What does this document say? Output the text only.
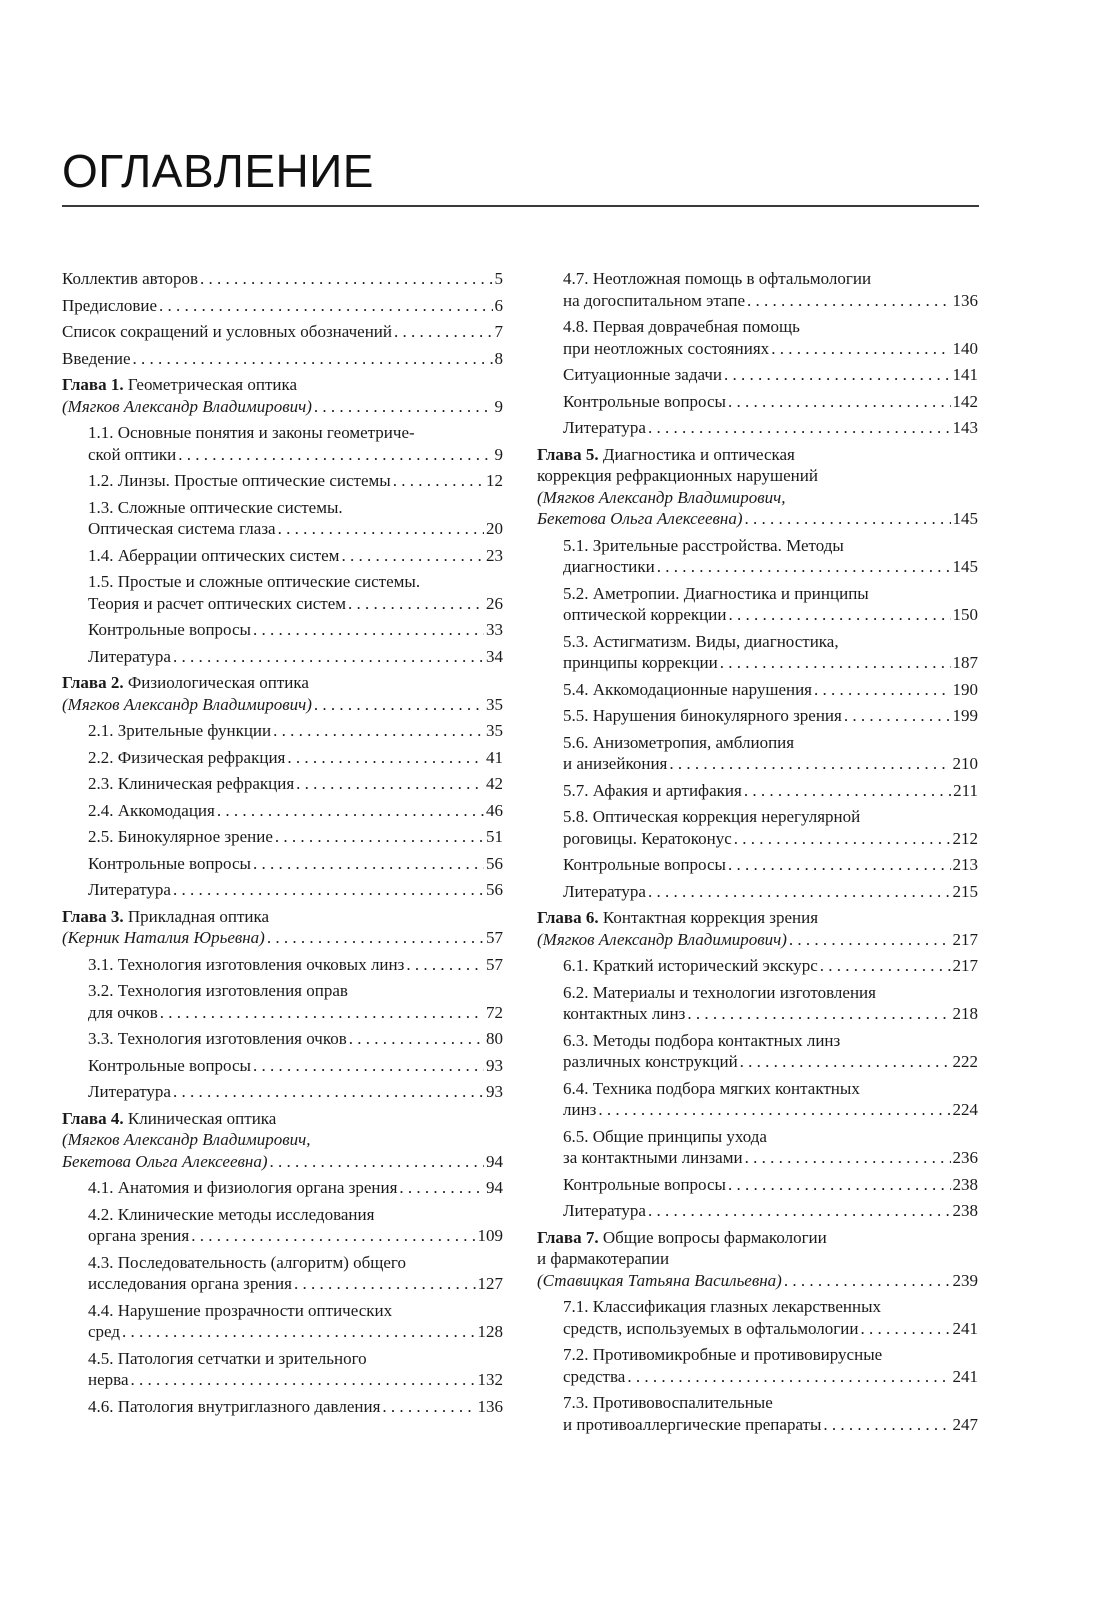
ОГЛАВЛЕНИЕ
Коллектив авторов . . .	5
Предисловие . . .	6
Список сокращений и условных обозначений . . .	7
Введение . . .	8
Глава 1. Геометрическая оптика
(Мягков Александр Владимирович) . . .	9
1.1. Основные понятия и законы геометриче-
ской оптики . . .	9
1.2. Линзы. Простые оптические системы . . .	12
1.3. Сложные оптические системы.
Оптическая система глаза . . .	20
1.4. Аберрации оптических систем . . .	23
1.5. Простые и сложные оптические системы.
Теория и расчет оптических систем . . .	26
Контрольные вопросы . . .	33
Литература . . .	34
Глава 2. Физиологическая оптика
(Мягков Александр Владимирович) . . .	35
2.1. Зрительные функции . . .	35
2.2. Физическая рефракция . . .	41
2.3. Клиническая рефракция . . .	42
2.4. Аккомодация . . .	46
2.5. Бинокулярное зрение . . .	51
Контрольные вопросы . . .	56
Литература . . .	56
Глава 3. Прикладная оптика
(Керник Наталия Юрьевна) . . .	57
3.1. Технология изготовления очковых линз . . .	57
3.2. Технология изготовления оправ
для очков . . .	72
3.3. Технология изготовления очков . . .	80
Контрольные вопросы . . .	93
Литература . . .	93
Глава 4. Клиническая оптика
(Мягков Александр Владимирович,
Бекетова Ольга Алексеевна) . . .	94
4.1. Анатомия и физиология органа зрения . . .	94
4.2. Клинические методы исследования
органа зрения . . .	109
4.3. Последовательность (алгоритм) общего
исследования органа зрения . . .	127
4.4. Нарушение прозрачности оптических
сред . . .	128
4.5. Патология сетчатки и зрительного
нерва . . .	132
4.6. Патология внутриглазного давления . . .	136
4.7. Неотложная помощь в офтальмологии
на догоспитальном этапе . . .	136
4.8. Первая доврачебная помощь
при неотложных состояниях . . .	140
Ситуационные задачи . . .	141
Контрольные вопросы . . .	142
Литература . . .	143
Глава 5. Диагностика и оптическая
коррекция рефракционных нарушений
(Мягков Александр Владимирович,
Бекетова Ольга Алексеевна) . . .	145
5.1. Зрительные расстройства. Методы
диагностики . . .	145
5.2. Аметропии. Диагностика и принципы
оптической коррекции . . .	150
5.3. Астигматизм. Виды, диагностика,
принципы коррекции . . .	187
5.4. Аккомодационные нарушения . . .	190
5.5. Нарушения бинокулярного зрения . . .	199
5.6. Анизометропия, амблиопия
и анизейкония . . .	210
5.7. Афакия и артифакия . . .	211
5.8. Оптическая коррекция нерегулярной
роговицы. Кератоконус . . .	212
Контрольные вопросы . . .	213
Литература . . .	215
Глава 6. Контактная коррекция зрения
(Мягков Александр Владимирович) . . .	217
6.1. Краткий исторический экскурс . . .	217
6.2. Материалы и технологии изготовления
контактных линз . . .	218
6.3. Методы подбора контактных линз
различных конструкций . . .	222
6.4. Техника подбора мягких контактных
линз . . .	224
6.5. Общие принципы ухода
за контактными линзами . . .	236
Контрольные вопросы . . .	238
Литература . . .	238
Глава 7. Общие вопросы фармакологии
и фармакотерапии
(Ставицкая Татьяна Васильевна) . . .	239
7.1. Классификация глазных лекарственных
средств, используемых в офтальмологии . . .	241
7.2. Противомикробные и противовирусные
средства . . .	241
7.3. Противовоспалительные
и противоаллергические препараты . . .	247
